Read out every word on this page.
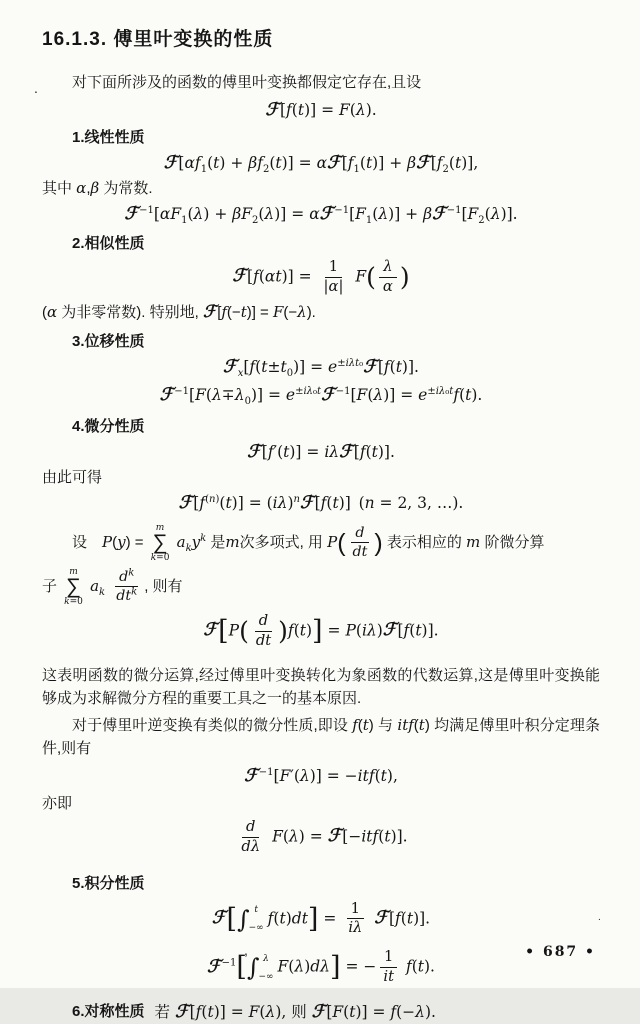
16.1.3. 傅里叶变换的性质

对下面所涉及的函数的傅里叶变换都假定它存在,且设

ℱ[f(t)] = F(λ).

1.线性性质

$ℱ[\alpha f_1(t) + \beta f_2(t)]$ = $\alpha ℱ[f_1(t)]$ + $\beta ℱ[f_2(t)]$,

其中 α,β 为常数.

$ℱ^{-1}[\alpha F_1(\lambda) + \beta F_2(\lambda)]$ = $\alpha ℱ^{-1}[F_1(\lambda)]$ + $\beta ℱ^{-1}[F_2(\lambda)]$.

2.相似性质

ℱ[f(αt)] = $\frac{1}{|\alpha|} F( \frac{\lambda}{\alpha}$ )

(α 为非零常数). 特别地, ℱ[f(−t)] = F(−λ).

3.位移性质

$ℱ_x[f(t\pm t_0)]$ = $e^{\pm i\lambda t_0}ℱ[f(t)]$.
$ℱ^{-1}[F(\lambda\mp\lambda_0)]$ = $e^{\pm i\lambda_0t}ℱ^{-1}[F(\lambda)] = e^{\pm i\lambda_0t}f(t)$.

4.微分性质

ℱ[f′(t)] = iλℱ[f(t)].

由此可得

$ℱ[f^{(n)}(t)]$ = $(i\lambda)^nℱ[f(t)]$ (n = 2, 3, …).

设 P(y) =
m
∑
k=0
$a_ky^k$ 是m次多项式, 用 $P( \frac{d}{dt}$ ) 表示相应的 m 阶微分算

子
m
∑
k=0
$a_k \frac{d^k}{dt^k}$ , 则有

ℱ[P( $\frac{d}{dt} )f(t)$] = P(iλ)ℱ[f(t)].

这表明函数的微分运算,经过傅里叶变换转化为象函数的代数运算,这是傅里叶变换能够成为求解微分方程的重要工具之一的基本原因.

对于傅里叶逆变换有类似的微分性质,即设 f(t) 与 itf(t) 均满足傅里叶积分定理条件,则有

ℱ$^{-1}$[F′(λ)] = −itf(t),

亦即

$\frac{d}{d\lambda} F(\lambda)$ = ℱ[−itf(t)].

5.积分性质

ℱ[∫ t
−∞
$f(t)dt] = \frac{1}{i\lambda}$ ℱ[f(t)].
ℱ$^{-1}$[∫ λ
−∞
F(λ)dλ] = − $\frac{1}{it} f(t)$.
6.对称性质 若 ℱ[f(t)] = F(λ), 则 ℱ[F(t)] = f(−λ).
• 687 •
.
,
.
